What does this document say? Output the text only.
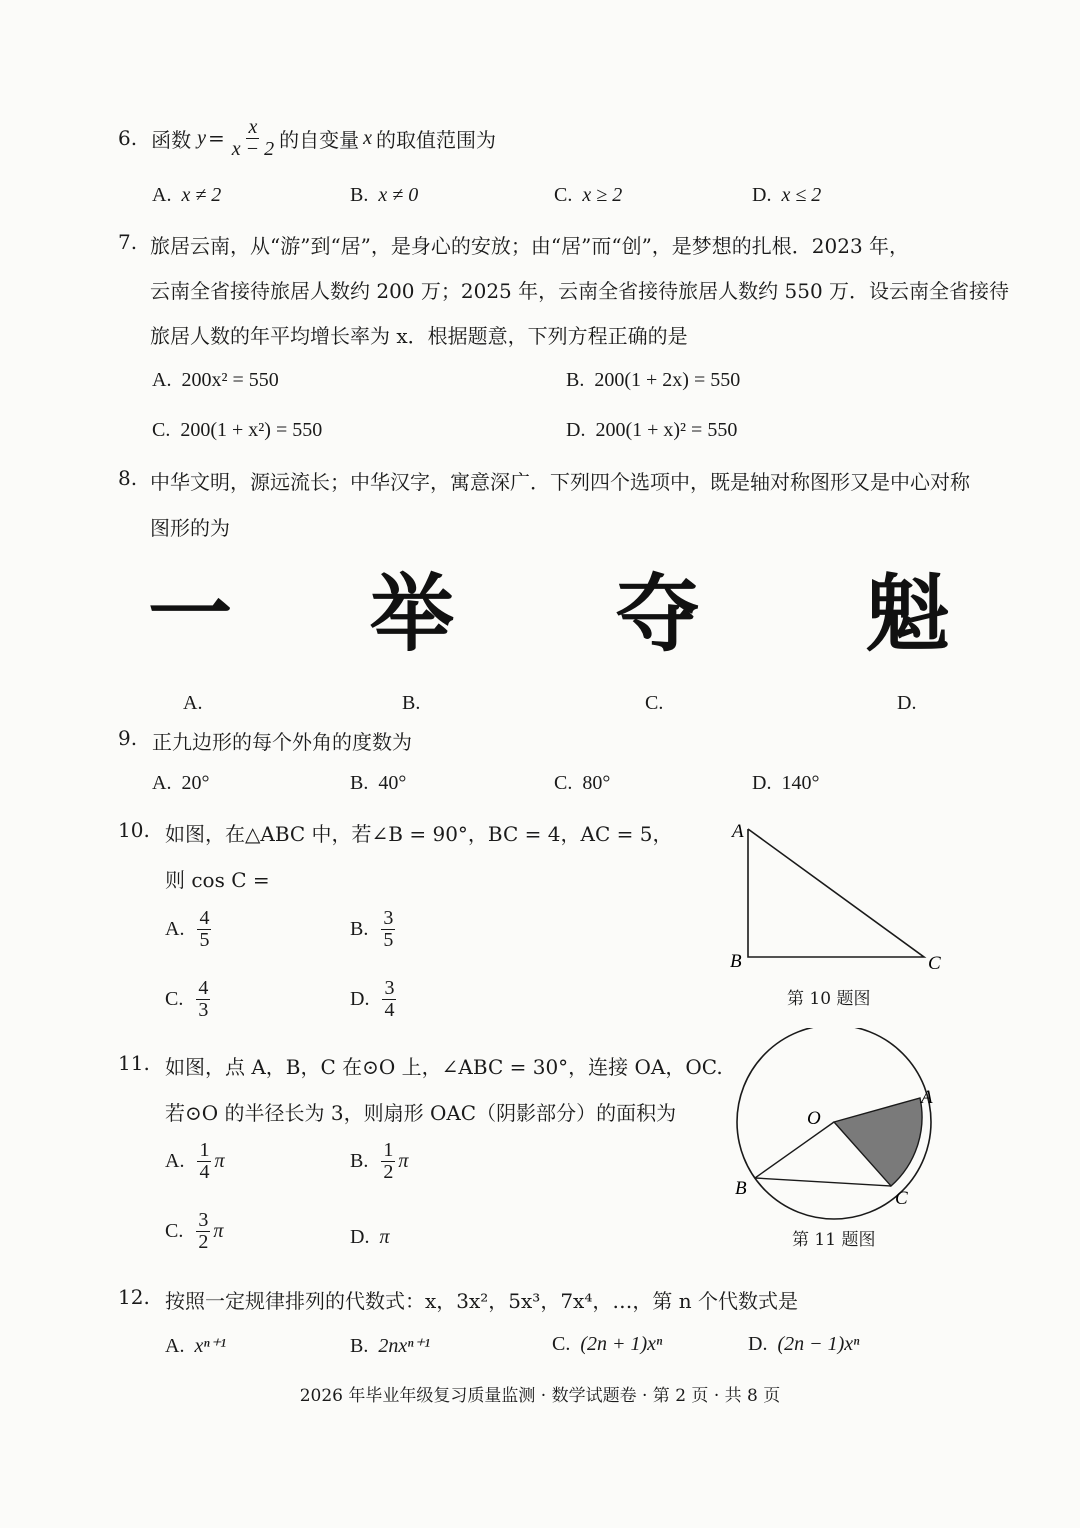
6. 函数 $y = \frac{x}{x - 2}$ 的自变量 x 的取值范围为
A. x ≠ 2	B. x ≠ 0	C. x ≥ 2	D. x ≤ 2
7. 旅居云南，从“游”到“居”，是身心的安放；由“居”而“创”，是梦想的扎根．2023 年，
云南全省接待旅居人数约 200 万；2025 年，云南全省接待旅居人数约 550 万．设云南全省接待
旅居人数的年平均增长率为 x．根据题意，下列方程正确的是
A. 200x² = 550	B. 200(1 + 2x) = 550
C. 200(1 + x²) = 550	D. 200(1 + x)² = 550
8. 中华文明，源远流长；中华汉字，寓意深广．下列四个选项中，既是轴对称图形又是中心对称
图形的为
一 举 夺 魁
A.	B.	C.	D.
9. 正九边形的每个外角的度数为
A. 20°	B. 40°	C. 80°	D. 140°
10. 如图，在△ABC 中，若∠B = 90°，BC = 4，AC = 5，
则 cos C =
A.
$\frac{4}{5}$	B.
$\frac{3}{5}$
C.
$\frac{4}{3}$	D.
$\frac{3}{4}$
A
B	C
第 10 题图
11. 如图，点 A，B，C 在⊙O 上，∠ABC = 30°，连接 OA，OC.
若⊙O 的半径长为 3，则扇形 OAC（阴影部分）的面积为
A.
$\frac{1}{4}$ π	B.
$\frac{1}{2}$ π
C.
$\frac{3}{2}$ π	D. π
O
A
B	C
第 11 题图
12. 按照一定规律排列的代数式：x，3x²，5x³，7x⁴，…，第 n 个代数式是
A. xⁿ⁺¹	B. 2nxⁿ⁺¹	C. (2n + 1)xⁿ	D. (2n − 1)xⁿ
2026 年毕业年级复习质量监测 · 数学试题卷 · 第 2 页 · 共 8 页
